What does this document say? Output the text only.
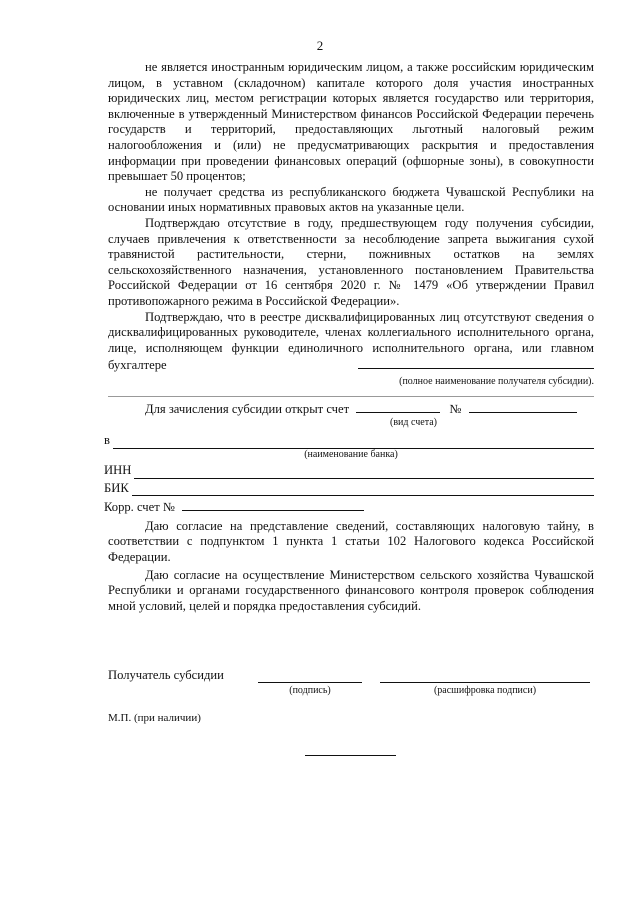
2

не является иностранным юридическим лицом, а также российским юридическим лицом, в уставном (складочном) капитале которого доля участия иностранных юридических лиц, местом регистрации которых является государство или территория, включенные в утвержденный Министерством финансов Российской Федерации перечень государств и территорий, предоставляющих льготный налоговый режим налогообложения и (или) не предусматривающих раскрытия и предоставления информации при проведении финансовых операций (офшорные зоны), в совокупности превышает 50 процентов;

не получает средства из республиканского бюджета Чувашской Республики на основании иных нормативных правовых актов на указанные цели.

Подтверждаю отсутствие в году, предшествующем году получения субсидии, случаев привлечения к ответственности за несоблюдение запрета выжигания сухой травянистой растительности, стерни, пожнивных остатков на землях сельскохозяйственного назначения, установленного постановлением Правительства Российской Федерации от 16 сентября 2020 г. № 1479 «Об утверждении Правил противопожарного режима в Российской Федерации».

Подтверждаю, что в реестре дисквалифицированных лиц отсутствуют сведения о дисквалифицированных руководителе, членах коллегиального исполнительного органа, лице, исполняющем функции единоличного исполнительного органа, или главном бухгалтере

(полное наименование получателя субсидии).
Для зачисления субсидии открыт счет	№
(вид счета)
в
(наименование банка)
ИНН
БИК
Корр. счет №

Даю согласие на представление сведений, составляющих налоговую тайну, в соответствии с подпунктом 1 пункта 1 статьи 102 Налогового кодекса Российской Федерации.

Даю согласие на осуществление Министерством сельского хозяйства Чувашской Республики и органами государственного финансового контроля проверок соблюдения мной условий, целей и порядка предоставления субсидий.

Получатель субсидии
(подпись)	(расшифровка подписи)
М.П. (при наличии)
